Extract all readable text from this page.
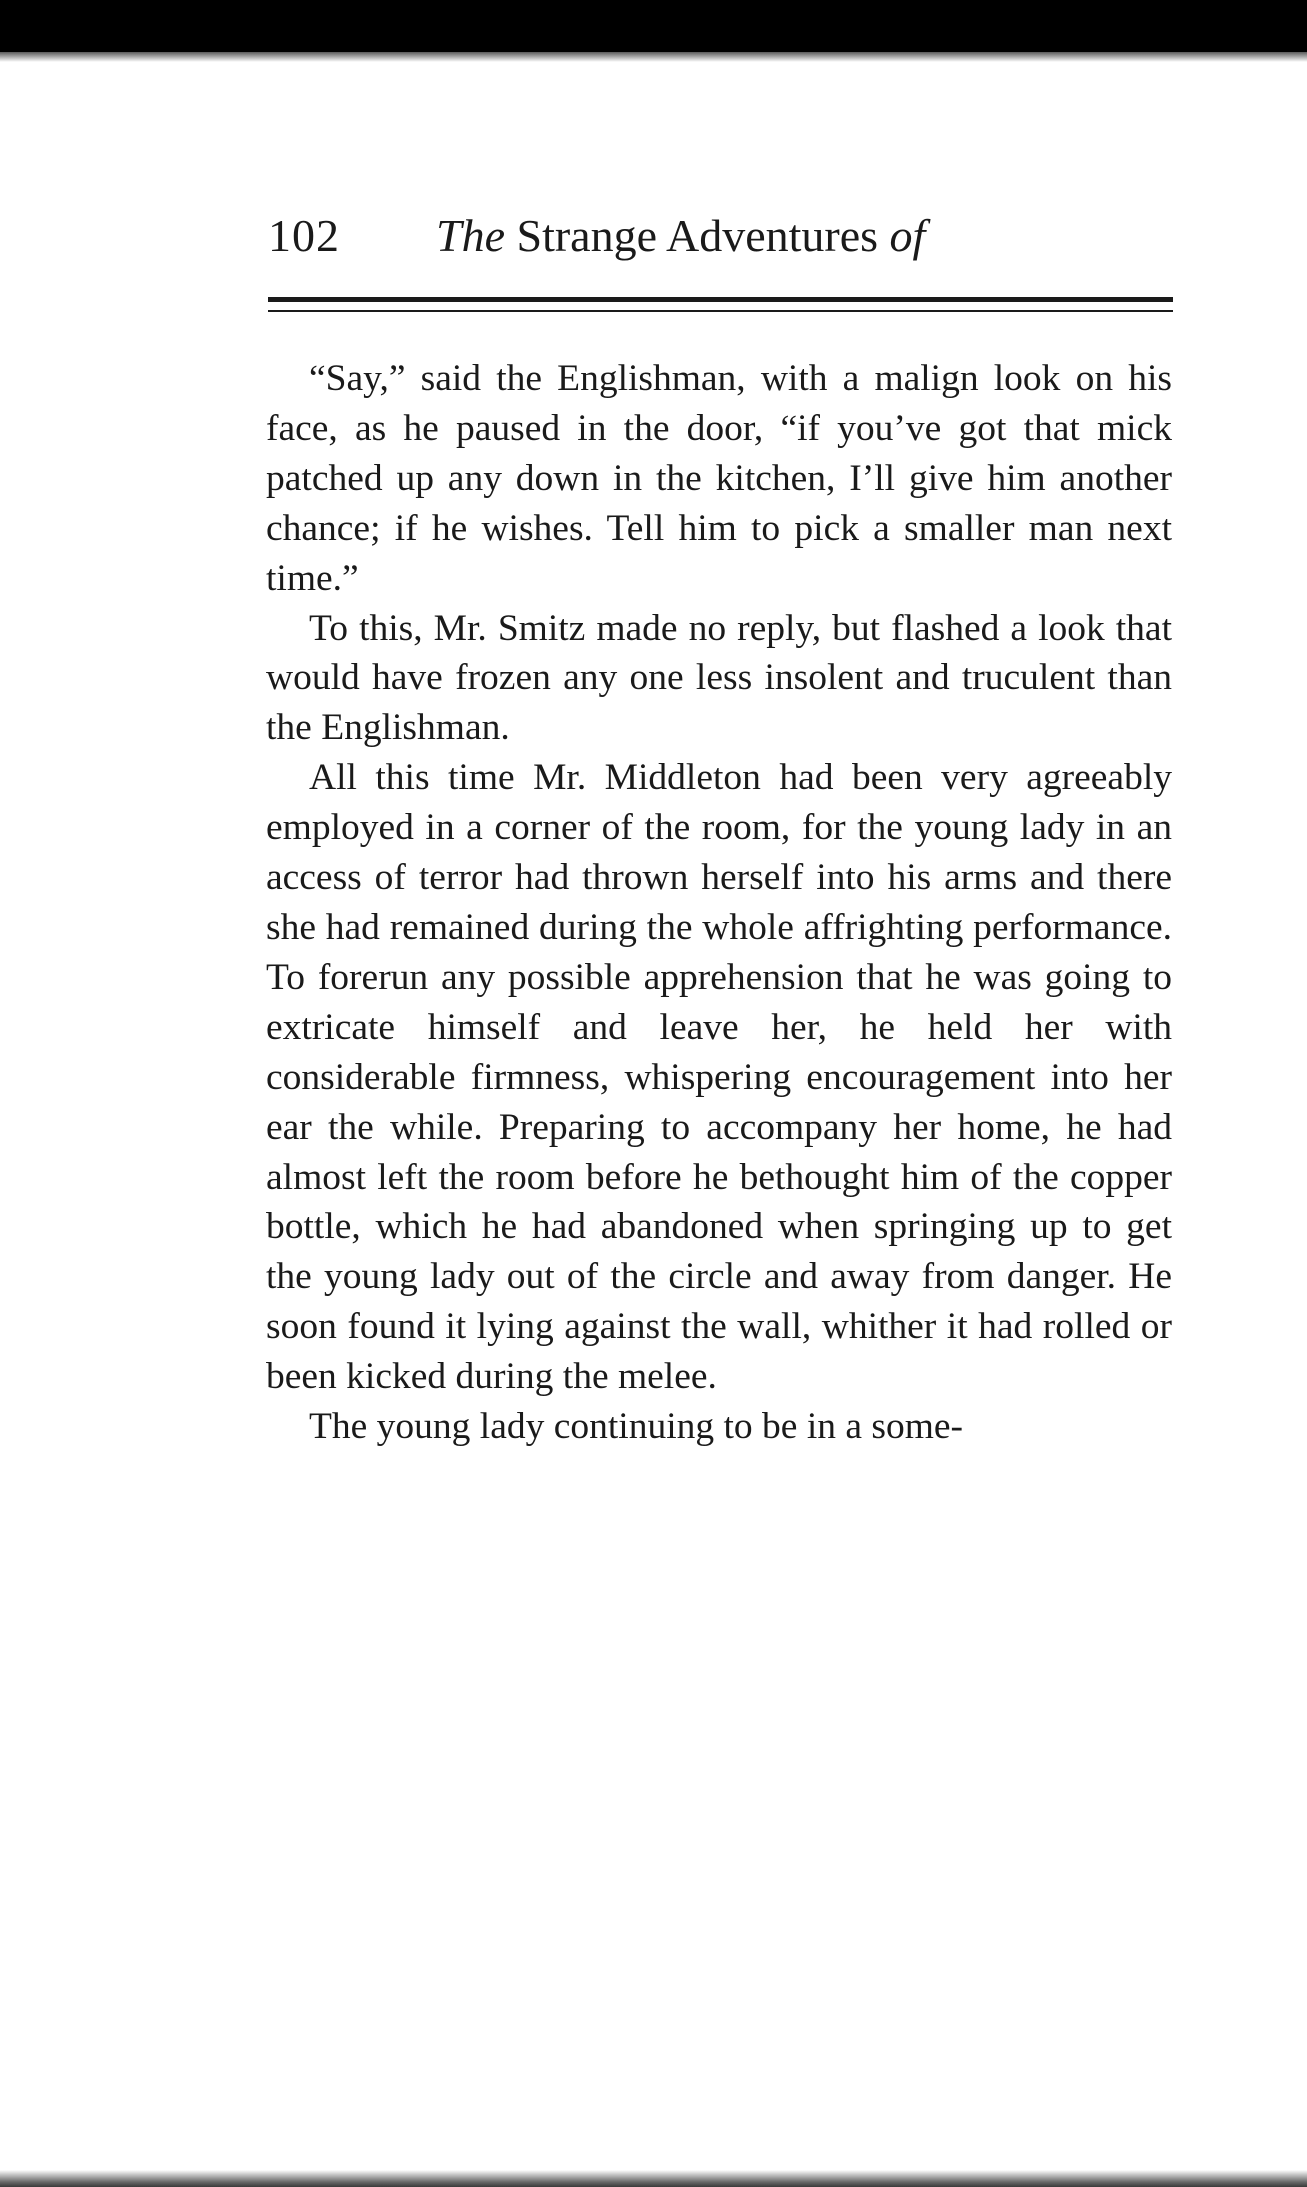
102 The Strange Adventures of

“Say,” said the Englishman, with a malign look on his face, as he paused in the door, “if you’ve got that mick patched up any down in the kitchen, I’ll give him another chance; if he wishes. Tell him to pick a smaller man next time.”

To this, Mr. Smitz made no reply, but flashed a look that would have frozen any one less insolent and truculent than the Englishman.

All this time Mr. Middleton had been very agreeably employed in a corner of the room, for the young lady in an access of terror had thrown herself into his arms and there she had remained during the whole affrighting performance. To forerun any possible apprehension that he was going to extricate himself and leave her, he held her with considerable firmness, whispering encouragement into her ear the while. Preparing to accompany her home, he had almost left the room before he bethought him of the copper bottle, which he had abandoned when springing up to get the young lady out of the circle and away from danger. He soon found it lying against the wall, whither it had rolled or been kicked during the melee.

The young lady continuing to be in a some-
